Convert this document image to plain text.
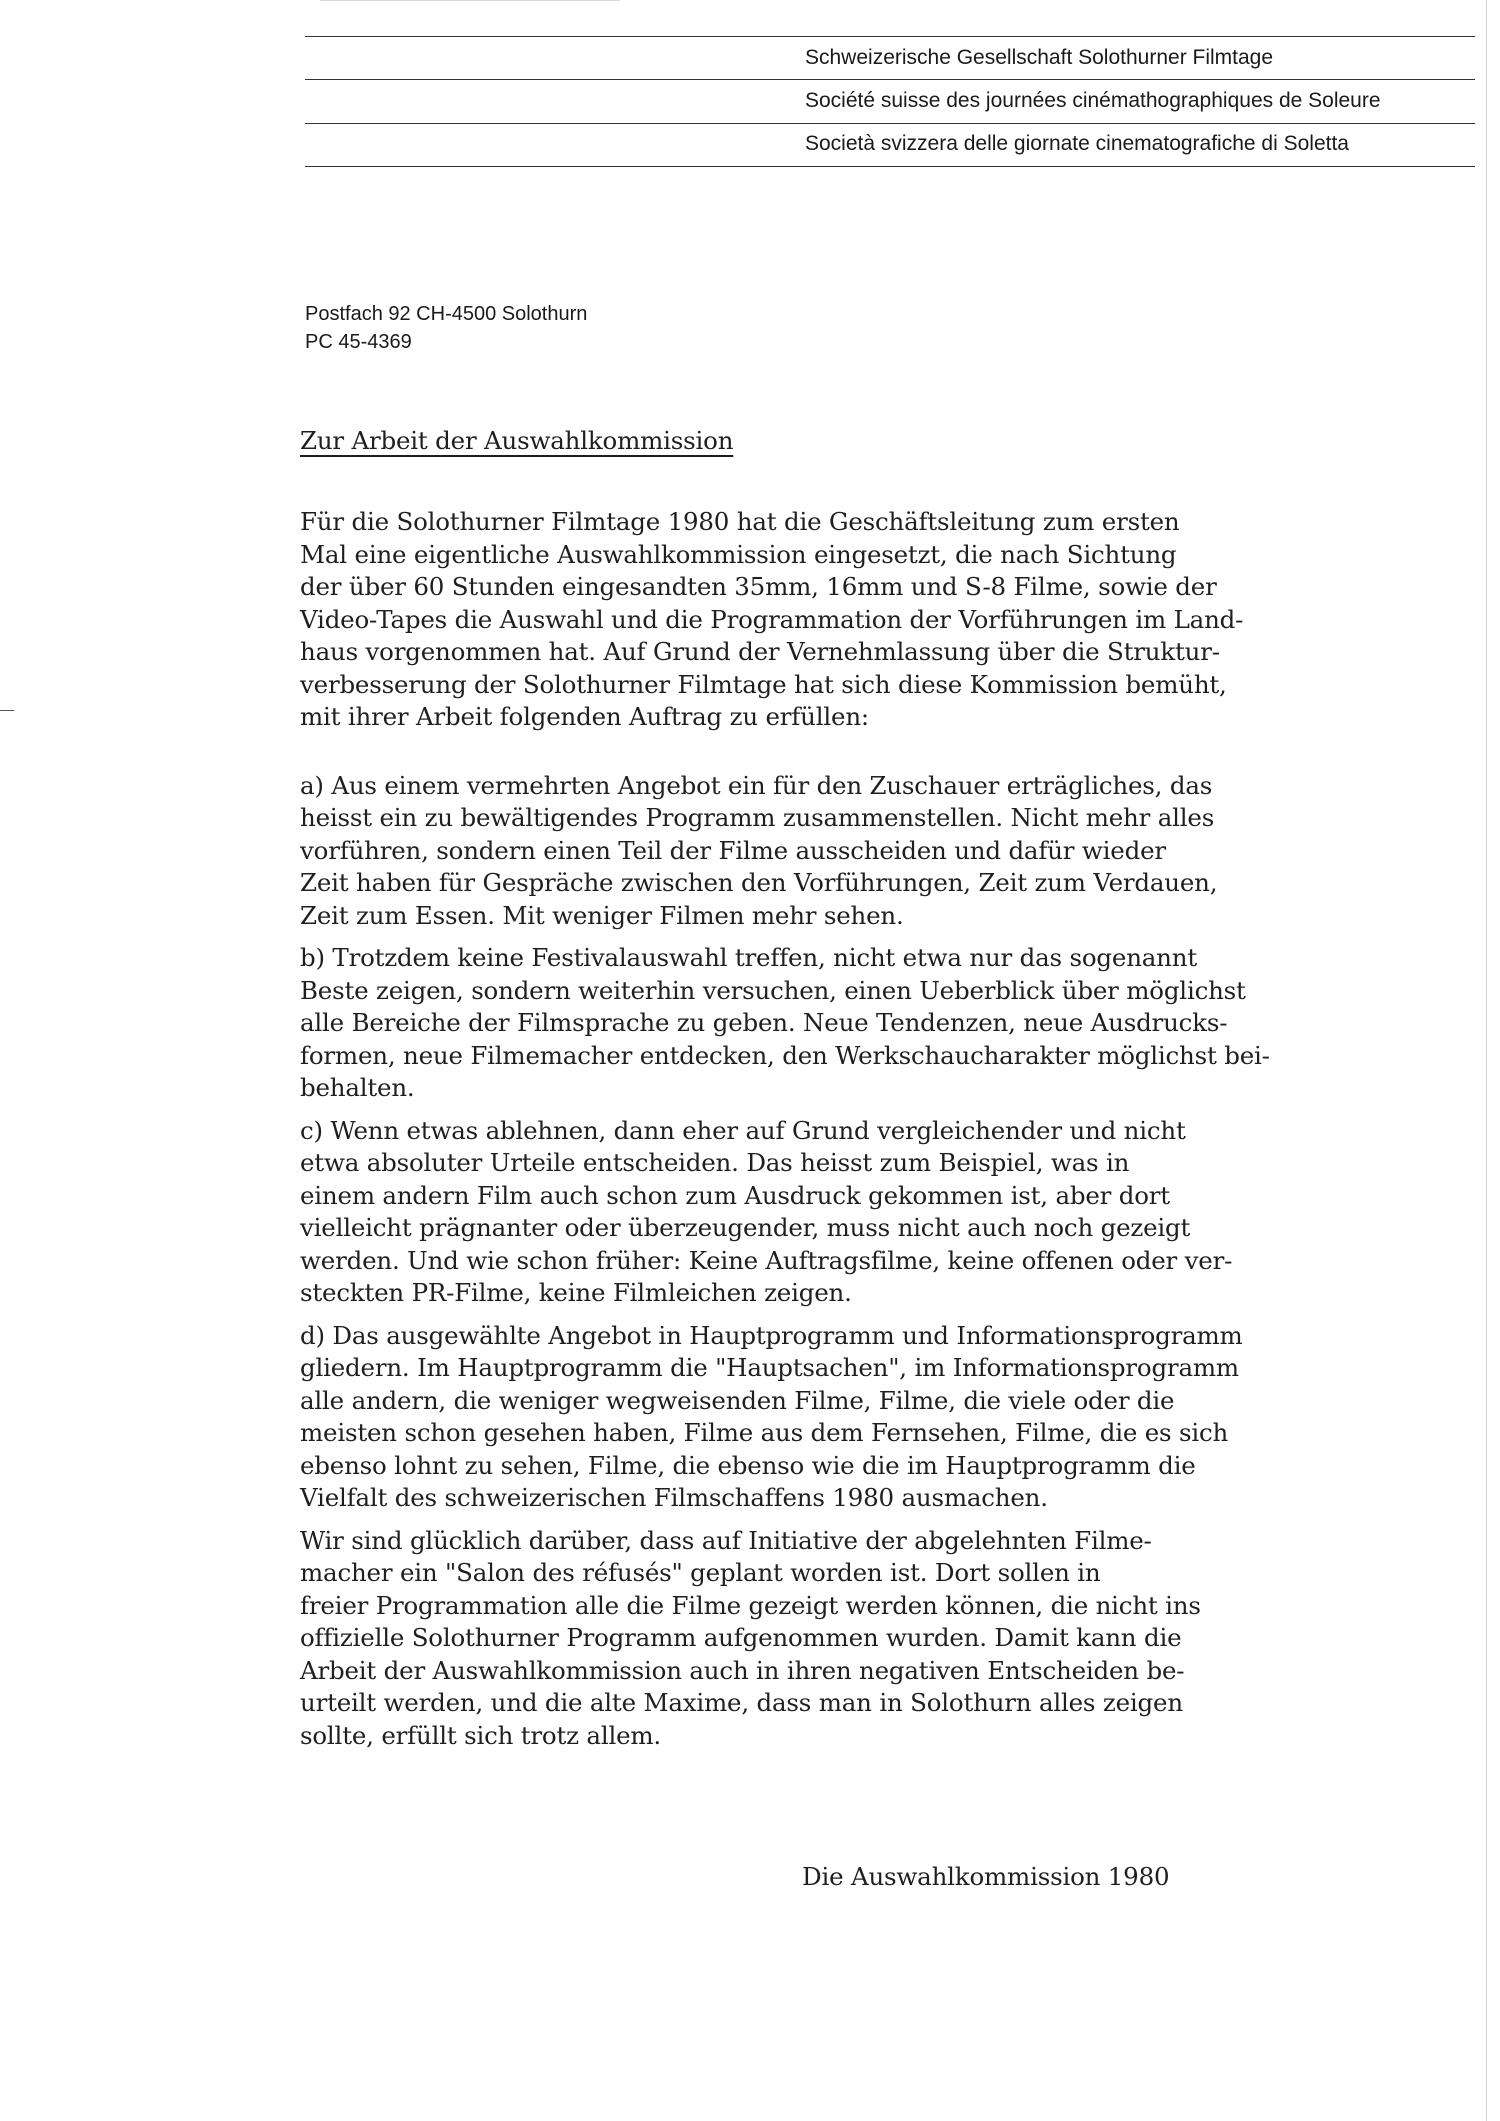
Schweizerische Gesellschaft Solothurner Filmtage
Société suisse des journées cinémathographiques de Soleure
Società svizzera delle giornate cinematografiche di Soletta
Postfach 92 CH-4500 Solothurn
PC 45-4369
Zur Arbeit der Auswahlkommission
Für die Solothurner Filmtage 1980 hat die Geschäftsleitung zum ersten
Mal eine eigentliche Auswahlkommission eingesetzt, die nach Sichtung
der über 60 Stunden eingesandten 35mm, 16mm und S-8 Filme, sowie der
Video-Tapes die Auswahl und die Programmation der Vorführungen im Land-
haus vorgenommen hat. Auf Grund der Vernehmlassung über die Struktur-
verbesserung der Solothurner Filmtage hat sich diese Kommission bemüht,
mit ihrer Arbeit folgenden Auftrag zu erfüllen:
a) Aus einem vermehrten Angebot ein für den Zuschauer erträgliches, das
heisst ein zu bewältigendes Programm zusammenstellen. Nicht mehr alles
vorführen, sondern einen Teil der Filme ausscheiden und dafür wieder
Zeit haben für Gespräche zwischen den Vorführungen, Zeit zum Verdauen,
Zeit zum Essen. Mit weniger Filmen mehr sehen.
b) Trotzdem keine Festivalauswahl treffen, nicht etwa nur das sogenannt
Beste zeigen, sondern weiterhin versuchen, einen Ueberblick über möglichst
alle Bereiche der Filmsprache zu geben. Neue Tendenzen, neue Ausdrucks-
formen, neue Filmemacher entdecken, den Werkschaucharakter möglichst bei-
behalten.
c) Wenn etwas ablehnen, dann eher auf Grund vergleichender und nicht
etwa absoluter Urteile entscheiden. Das heisst zum Beispiel, was in
einem andern Film auch schon zum Ausdruck gekommen ist, aber dort
vielleicht prägnanter oder überzeugender, muss nicht auch noch gezeigt
werden. Und wie schon früher: Keine Auftragsfilme, keine offenen oder ver-
steckten PR-Filme, keine Filmleichen zeigen.
d) Das ausgewählte Angebot in Hauptprogramm und Informationsprogramm
gliedern. Im Hauptprogramm die "Hauptsachen", im Informationsprogramm
alle andern, die weniger wegweisenden Filme, Filme, die viele oder die
meisten schon gesehen haben, Filme aus dem Fernsehen, Filme, die es sich
ebenso lohnt zu sehen, Filme, die ebenso wie die im Hauptprogramm die
Vielfalt des schweizerischen Filmschaffens 1980 ausmachen.
Wir sind glücklich darüber, dass auf Initiative der abgelehnten Filme-
macher ein "Salon des réfusés" geplant worden ist. Dort sollen in
freier Programmation alle die Filme gezeigt werden können, die nicht ins
offizielle Solothurner Programm aufgenommen wurden. Damit kann die
Arbeit der Auswahlkommission auch in ihren negativen Entscheiden be-
urteilt werden, und die alte Maxime, dass man in Solothurn alles zeigen
sollte, erfüllt sich trotz allem.
Die Auswahlkommission 1980
